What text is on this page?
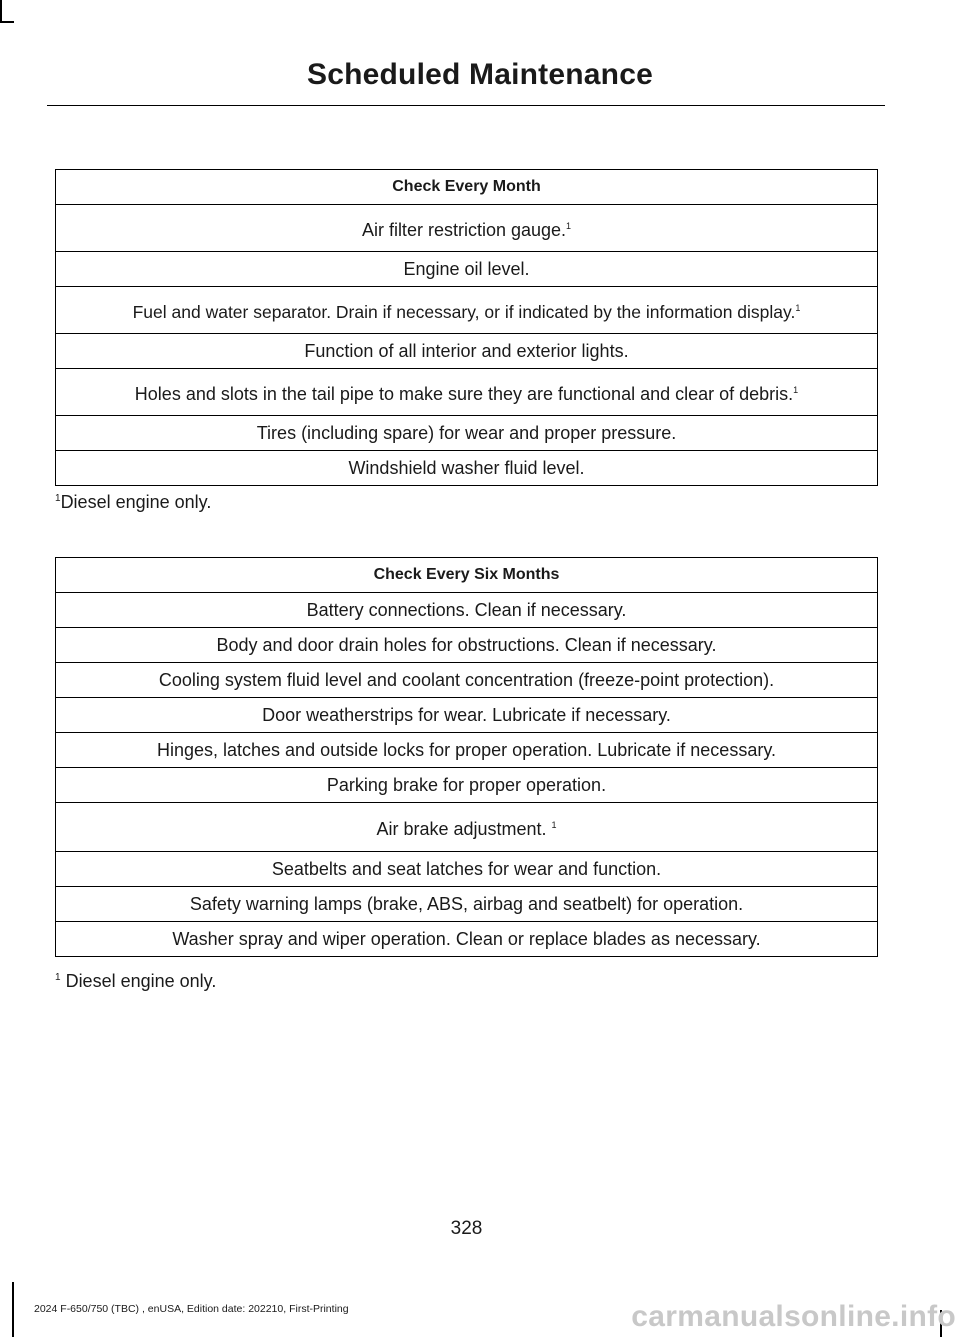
Scheduled Maintenance
Check Every Month
Air filter restriction gauge.$^1$
Engine oil level.
Fuel and water separator. Drain if necessary, or if indicated by the information display.$^1$
Function of all interior and exterior lights.
Holes and slots in the tail pipe to make sure they are functional and clear of debris.$^1$
Tires (including spare) for wear and proper pressure.
Windshield washer fluid level.
$^1$Diesel engine only.
Check Every Six Months
Battery connections. Clean if necessary.
Body and door drain holes for obstructions. Clean if necessary.
Cooling system fluid level and coolant concentration (freeze-point protection).
Door weatherstrips for wear. Lubricate if necessary.
Hinges, latches and outside locks for proper operation. Lubricate if necessary.
Parking brake for proper operation.
Air brake adjustment. $^1$
Seatbelts and seat latches for wear and function.
Safety warning lamps (brake, ABS, airbag and seatbelt) for operation.
Washer spray and wiper operation. Clean or replace blades as necessary.
$^1$ Diesel engine only.
328
2024 F-650/750 (TBC) , enUSA, Edition date: 202210, First-Printing	carmanualsonline.info
